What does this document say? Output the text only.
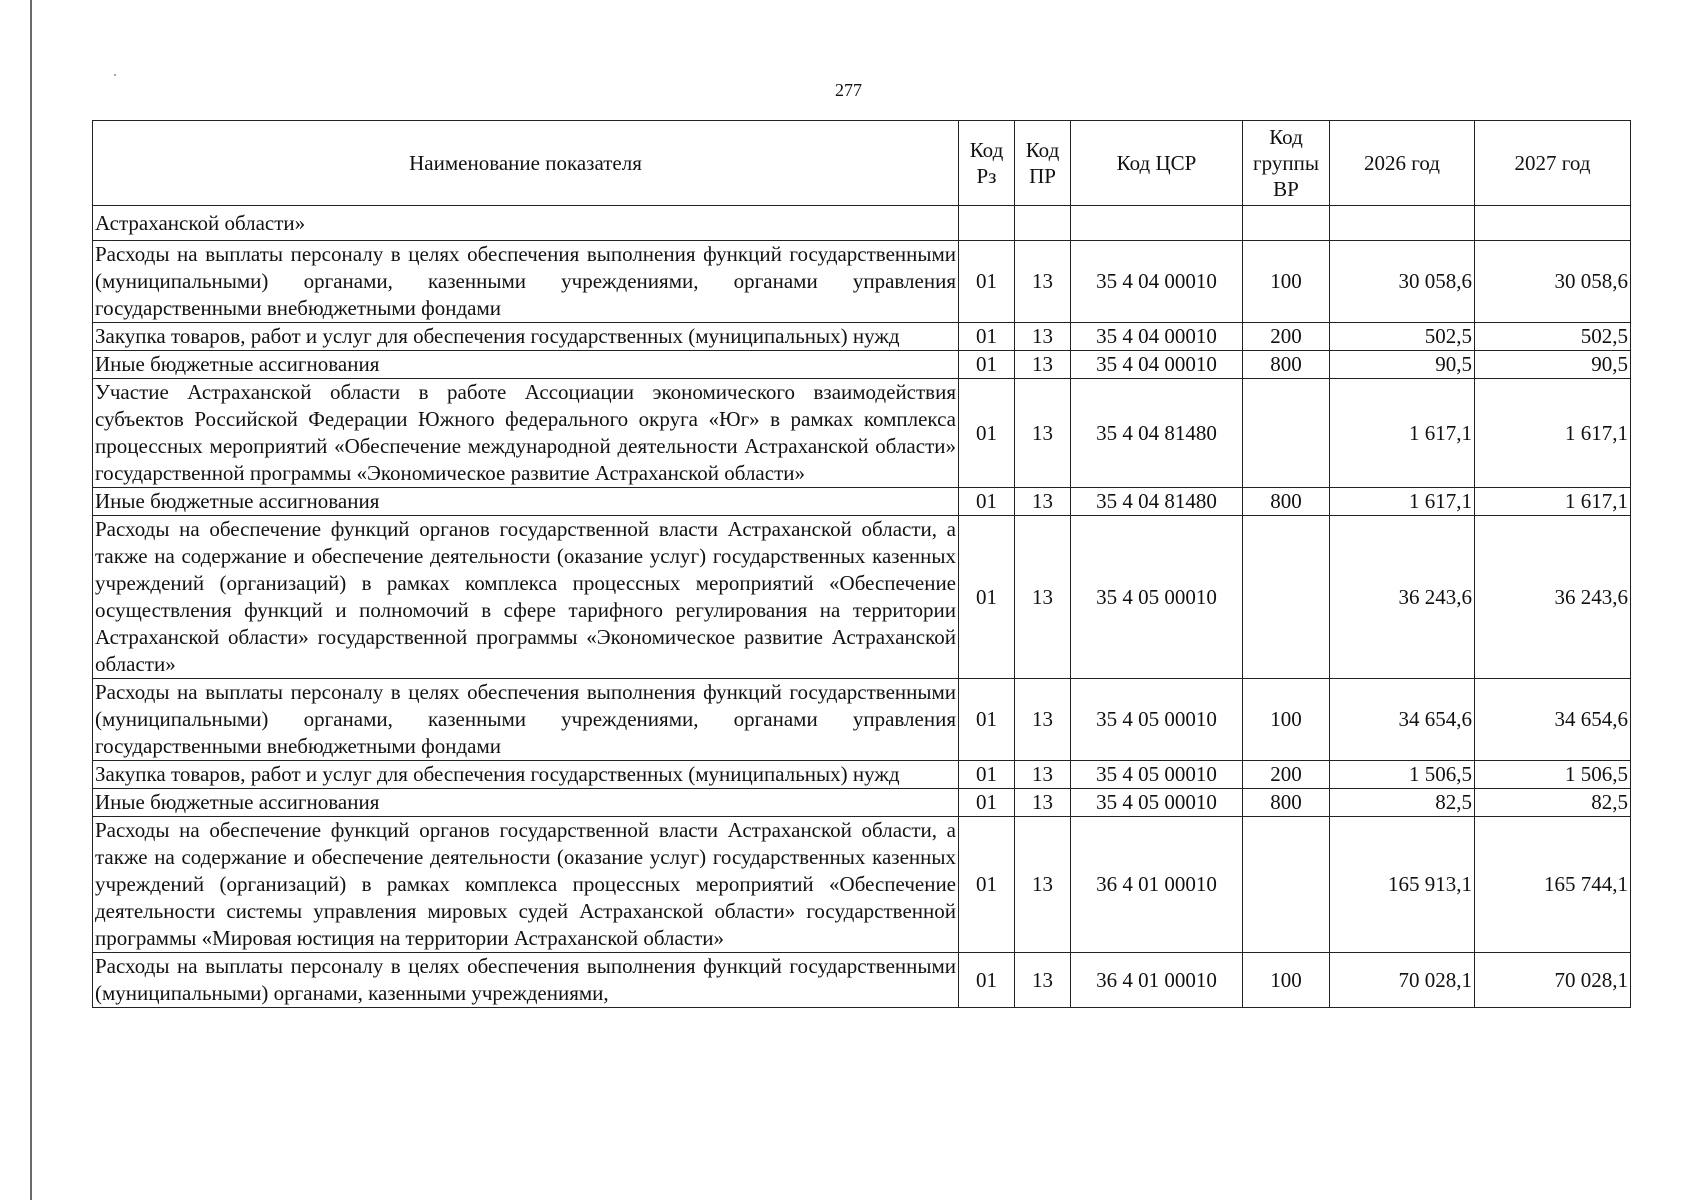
277
Наименование показателя	Код Рз	Код ПР	Код ЦСР	Код группы ВР	2026 год	2027 год
Астраханской области»						
Расходы на выплаты персоналу в целях обеспечения выполнения функций государственными (муниципальными) органами, казенными учреждениями, органами управления государственными внебюджетными фондами	01	13	35 4 04 00010	100	30 058,6	30 058,6
Закупка товаров, работ и услуг для обеспечения государственных (муниципальных) нужд	01	13	35 4 04 00010	200	502,5	502,5
Иные бюджетные ассигнования	01	13	35 4 04 00010	800	90,5	90,5
Участие Астраханской области в работе Ассоциации экономического взаимодействия субъектов Российской Федерации Южного федерального округа «Юг» в рамках комплекса процессных мероприятий «Обеспечение международной деятельности Астраханской области» государственной программы «Экономическое развитие Астраханской области»	01	13	35 4 04 81480		1 617,1	1 617,1
Иные бюджетные ассигнования	01	13	35 4 04 81480	800	1 617,1	1 617,1
Расходы на обеспечение функций органов государственной власти Астраханской области, а также на содержание и обеспечение деятельности (оказание услуг) государственных казенных учреждений (организаций) в рамках комплекса процессных мероприятий «Обеспечение осуществления функций и полномочий в сфере тарифного регулирования на территории Астраханской области» государственной программы «Экономическое развитие Астраханской области»	01	13	35 4 05 00010		36 243,6	36 243,6
Расходы на выплаты персоналу в целях обеспечения выполнения функций государственными (муниципальными) органами, казенными учреждениями, органами управления государственными внебюджетными фондами	01	13	35 4 05 00010	100	34 654,6	34 654,6
Закупка товаров, работ и услуг для обеспечения государственных (муниципальных) нужд	01	13	35 4 05 00010	200	1 506,5	1 506,5
Иные бюджетные ассигнования	01	13	35 4 05 00010	800	82,5	82,5
Расходы на обеспечение функций органов государственной власти Астраханской области, а также на содержание и обеспечение деятельности (оказание услуг) государственных казенных учреждений (организаций) в рамках комплекса процессных мероприятий «Обеспечение деятельности системы управления мировых судей Астраханской области» государственной программы «Мировая юстиция на территории Астраханской области»	01	13	36 4 01 00010		165 913,1	165 744,1
Расходы на выплаты персоналу в целях обеспечения выполнения функций государственными (муниципальными) органами, казенными учреждениями,	01	13	36 4 01 00010	100	70 028,1	70 028,1
